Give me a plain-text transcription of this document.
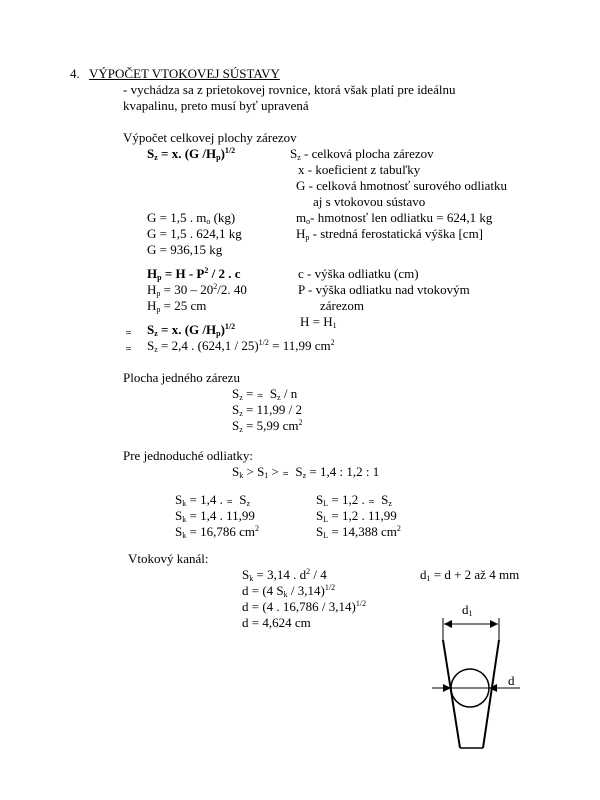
4. VÝPOČET VTOKOVEJ SÚSTAVY
- vychádza sa z prietokovej rovnice, ktorá však platí pre ideálnu
kvapalinu, preto musí byť upravená
Výpočet celkovej plochy zárezov
$S_z = x$. (G $/H_p)^{1/2}$	$S_z$ - celková plocha zárezov
x - koeficient z tabuľky
G - celková hmotnosť surového odliatku
aj s vtokovou sústavo
G = 1,5 . $m_o$ (kg)	$m_o-$ hmotnosť len odliatku = 624,1 kg
G = 1,5 . 624,1 kg	$H_p$ - stredná ferostatická výška [cm]
G = 936,15 kg
$H_p = H - P^2 / 2$ . c	c - výška odliatku (cm)
$H_p = 30 - 20^2/2$. 40	P - výška odliatku nad vtokovým
$H_p = 25$ cm	zárezom
$H = H_1$
≍ $S_z = x$. (G $/H_p)^{1/2}$
≍ $S_z = 2,4$ . (624,1 / 25)$^{1/2}$ = 11,99 $cm^2$
Plocha jedného zárezu
$S_z$ = ≍ $S_z$ / n
$S_z = 11,99 / 2$
$S_z = 5,99$ $cm^2$
Pre jednoduché odliatky:
$S_k > S_1$ > ≍ $S_z = 1,4$ : 1,2 : 1
$S_k = 1,4$ . ≍ $S_z$
$S_k = 1,4$ . 11,99
$S_k = 16,786$ $cm^2$
$S_L = 1,2$ . ≍ $S_z$
$S_L = 1,2$ . 11,99
$S_L = 14,388$ $cm^2$
Vtokový kanál:
$S_k = 3,14$ . $d^2 / 4$	$d_1 = d + 2$ až 4 mm
d = (4 $S_k / 3,14)^{1/2}$
d = (4 . 16,786 / 3,14)$^{1/2}$
d = 4,624 cm
$d_1$
d
